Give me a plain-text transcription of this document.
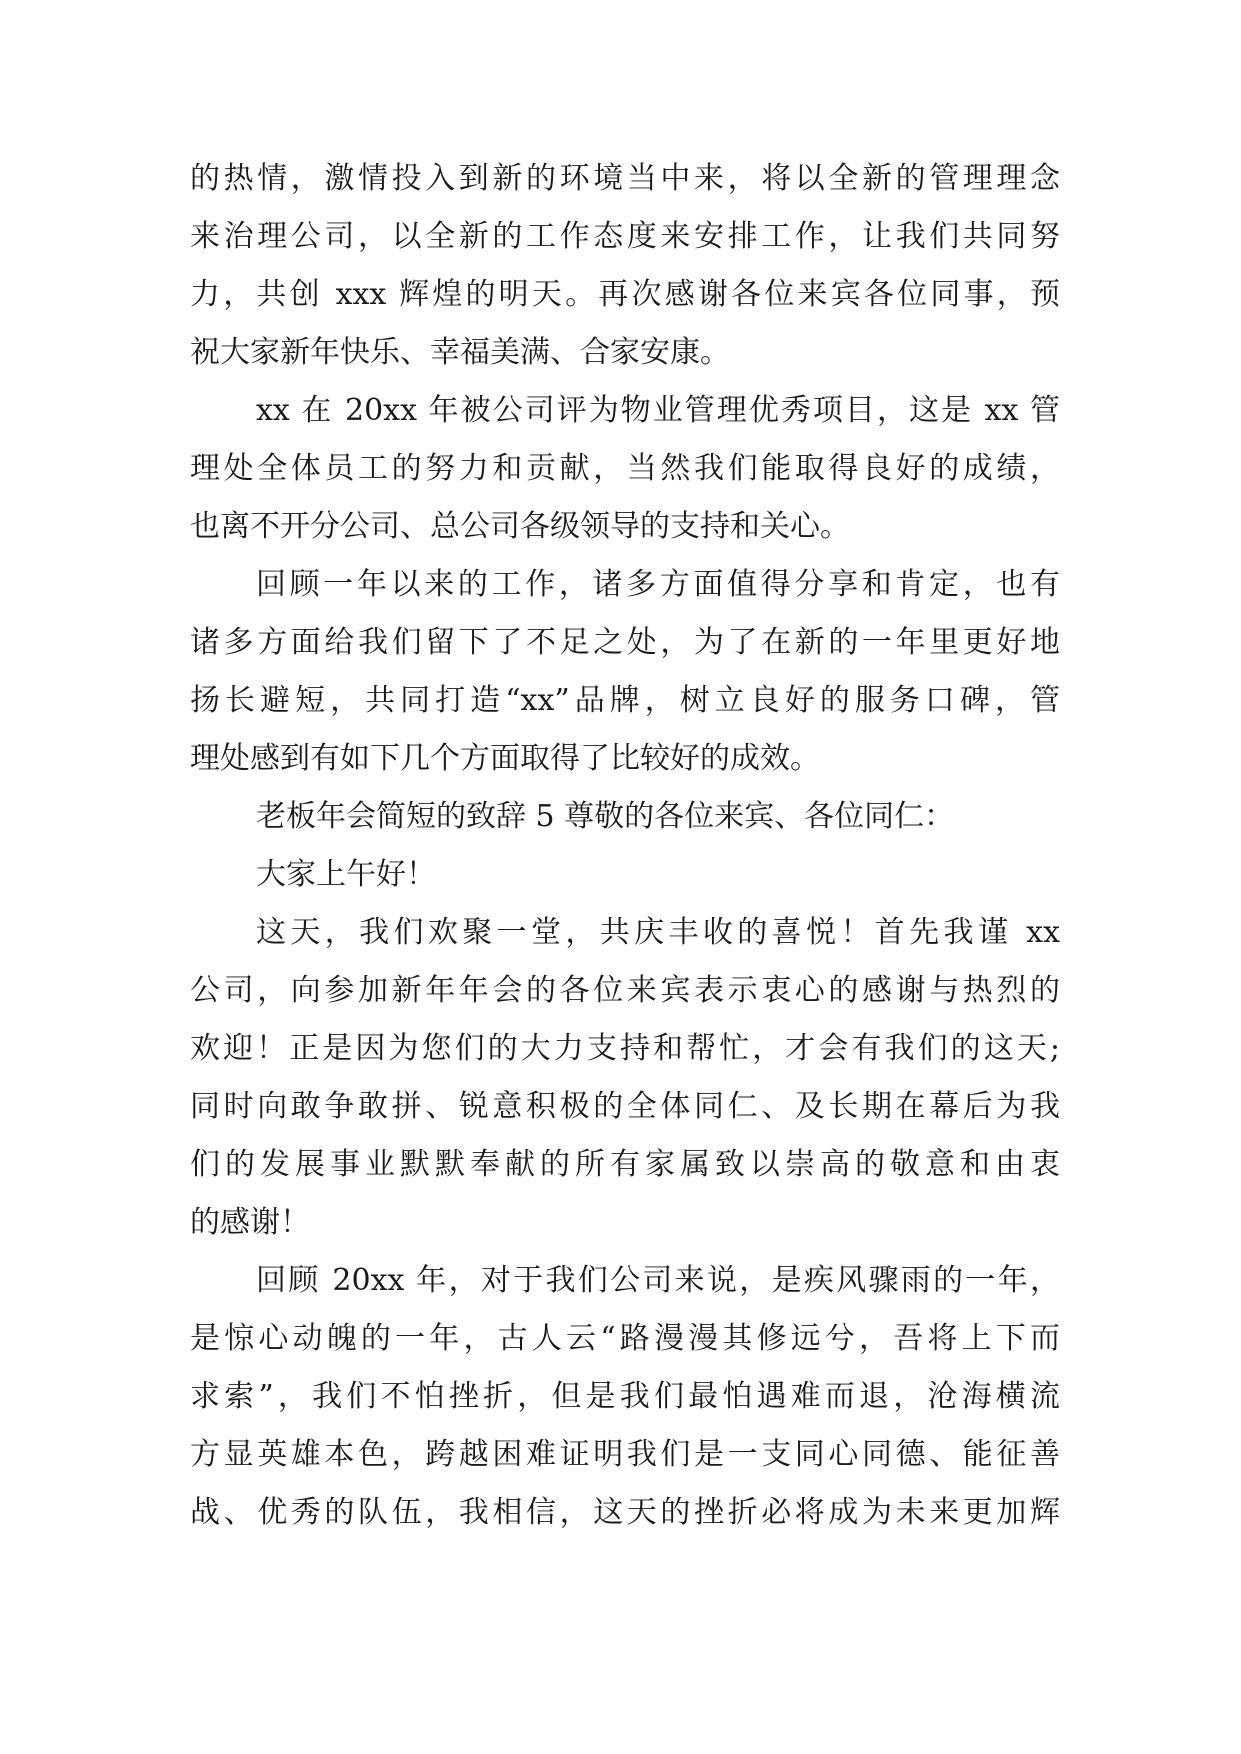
的热情，激情投入到新的环境当中来，将以全新的管理理念
来治理公司，以全新的工作态度来安排工作，让我们共同努
力，共创 xxx 辉煌的明天。再次感谢各位来宾各位同事，预
祝大家新年快乐、幸福美满、合家安康。
xx 在 20xx 年被公司评为物业管理优秀项目，这是 xx 管
理处全体员工的努力和贡献，当然我们能取得良好的成绩，
也离不开分公司、总公司各级领导的支持和关心。
回顾一年以来的工作，诸多方面值得分享和肯定，也有
诸多方面给我们留下了不足之处，为了在新的一年里更好地
扬长避短，共同打造“xx”品牌，树立良好的服务口碑，管
理处感到有如下几个方面取得了比较好的成效。
老板年会简短的致辞 5 尊敬的各位来宾、各位同仁：
大家上午好！
这天，我们欢聚一堂，共庆丰收的喜悦！首先我谨 xx
公司，向参加新年年会的各位来宾表示衷心的感谢与热烈的
欢迎！正是因为您们的大力支持和帮忙，才会有我们的这天;
同时向敢争敢拼、锐意积极的全体同仁、及长期在幕后为我
们的发展事业默默奉献的所有家属致以崇高的敬意和由衷
的感谢！
回顾 20xx 年，对于我们公司来说，是疾风骤雨的一年，
是惊心动魄的一年，古人云“路漫漫其修远兮，吾将上下而
求索”，我们不怕挫折，但是我们最怕遇难而退，沧海横流
方显英雄本色，跨越困难证明我们是一支同心同德、能征善
战、优秀的队伍，我相信，这天的挫折必将成为未来更加辉
